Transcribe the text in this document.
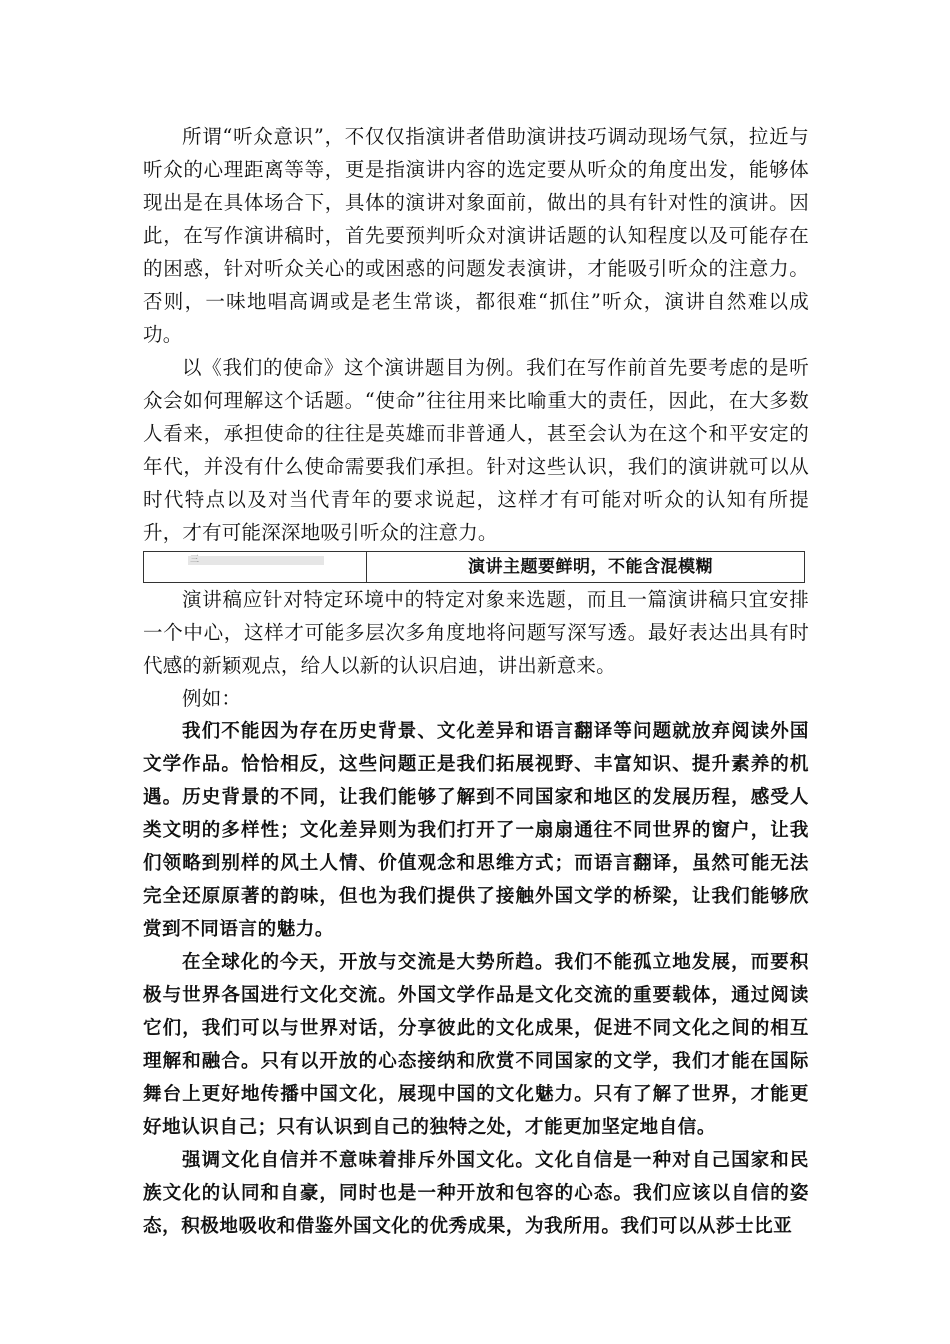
所谓“听众意识”，不仅仅指演讲者借助演讲技巧调动现场气氛，拉近与听众的心理距离等等，更是指演讲内容的选定要从听众的角度出发，能够体现出是在具体场合下，具体的演讲对象面前，做出的具有针对性的演讲。因此，在写作演讲稿时，首先要预判听众对演讲话题的认知程度以及可能存在的困惑，针对听众关心的或困惑的问题发表演讲，才能吸引听众的注意力。否则，一味地唱高调或是老生常谈，都很难“抓住”听众，演讲自然难以成功。

以《我们的使命》这个演讲题目为例。我们在写作前首先要考虑的是听众会如何理解这个话题。“使命”往往用来比喻重大的责任，因此，在大多数人看来，承担使命的往往是英雄而非普通人，甚至会认为在这个和平安定的年代，并没有什么使命需要我们承担。针对这些认识，我们的演讲就可以从时代特点以及对当代青年的要求说起，这样才有可能对听众的认知有所提升，才有可能深深地吸引听众的注意力。

三	演讲主题要鲜明，不能含混模糊

演讲稿应针对特定环境中的特定对象来选题，而且一篇演讲稿只宜安排一个中心，这样才可能多层次多角度地将问题写深写透。最好表达出具有时代感的新颖观点，给人以新的认识启迪，讲出新意来。

例如：

我们不能因为存在历史背景、文化差异和语言翻译等问题就放弃阅读外国文学作品。恰恰相反，这些问题正是我们拓展视野、丰富知识、提升素养的机遇。历史背景的不同，让我们能够了解到不同国家和地区的发展历程，感受人类文明的多样性；文化差异则为我们打开了一扇扇通往不同世界的窗户，让我们领略到别样的风土人情、价值观念和思维方式；而语言翻译，虽然可能无法完全还原原著的韵味，但也为我们提供了接触外国文学的桥梁，让我们能够欣赏到不同语言的魅力。

在全球化的今天，开放与交流是大势所趋。我们不能孤立地发展，而要积极与世界各国进行文化交流。外国文学作品是文化交流的重要载体，通过阅读它们，我们可以与世界对话，分享彼此的文化成果，促进不同文化之间的相互理解和融合。只有以开放的心态接纳和欣赏不同国家的文学，我们才能在国际舞台上更好地传播中国文化，展现中国的文化魅力。只有了解了世界，才能更好地认识自己；只有认识到自己的独特之处，才能更加坚定地自信。

强调文化自信并不意味着排斥外国文化。文化自信是一种对自己国家和民族文化的认同和自豪，同时也是一种开放和包容的心态。我们应该以自信的姿态，积极地吸收和借鉴外国文化的优秀成果，为我所用。我们可以从莎士比亚
